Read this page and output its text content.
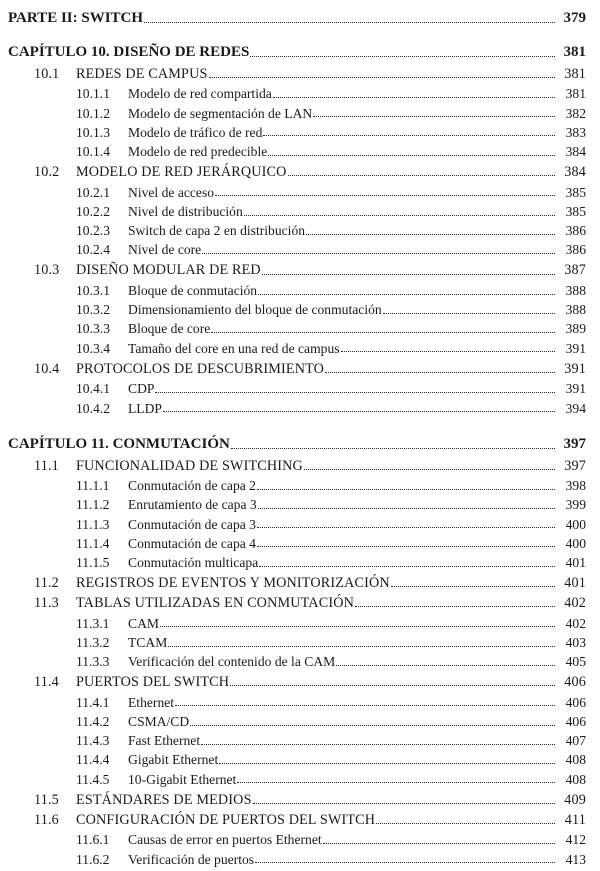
PARTE II: SWITCH	379
CAPÍTULO 10. DISEÑO DE REDES	381
10.1	REDES DE CAMPUS	381
10.1.1	Modelo de red compartida	381
10.1.2	Modelo de segmentación de LAN	382
10.1.3	Modelo de tráfico de red	383
10.1.4	Modelo de red predecible	384
10.2	MODELO DE RED JERÁRQUICO	384
10.2.1	Nivel de acceso	385
10.2.2	Nivel de distribución	385
10.2.3	Switch de capa 2 en distribución	386
10.2.4	Nivel de core	386
10.3	DISEÑO MODULAR DE RED	387
10.3.1	Bloque de conmutación	388
10.3.2	Dimensionamiento del bloque de conmutación	388
10.3.3	Bloque de core	389
10.3.4	Tamaño del core en una red de campus	391
10.4	PROTOCOLOS DE DESCUBRIMIENTO	391
10.4.1	CDP	391
10.4.2	LLDP	394
CAPÍTULO 11. CONMUTACIÓN	397
11.1	FUNCIONALIDAD DE SWITCHING	397
11.1.1	Conmutación de capa 2	398
11.1.2	Enrutamiento de capa 3	399
11.1.3	Conmutación de capa 3	400
11.1.4	Conmutación de capa 4	400
11.1.5	Conmutación multicapa	401
11.2	REGISTROS DE EVENTOS Y MONITORIZACIÓN	401
11.3	TABLAS UTILIZADAS EN CONMUTACIÓN	402
11.3.1	CAM	402
11.3.2	TCAM	403
11.3.3	Verificación del contenido de la CAM	405
11.4	PUERTOS DEL SWITCH	406
11.4.1	Ethernet	406
11.4.2	CSMA/CD	406
11.4.3	Fast Ethernet	407
11.4.4	Gigabit Ethernet	408
11.4.5	10-Gigabit Ethernet	408
11.5	ESTÁNDARES DE MEDIOS	409
11.6	CONFIGURACIÓN DE PUERTOS DEL SWITCH	411
11.6.1	Causas de error en puertos Ethernet	412
11.6.2	Verificación de puertos	413
